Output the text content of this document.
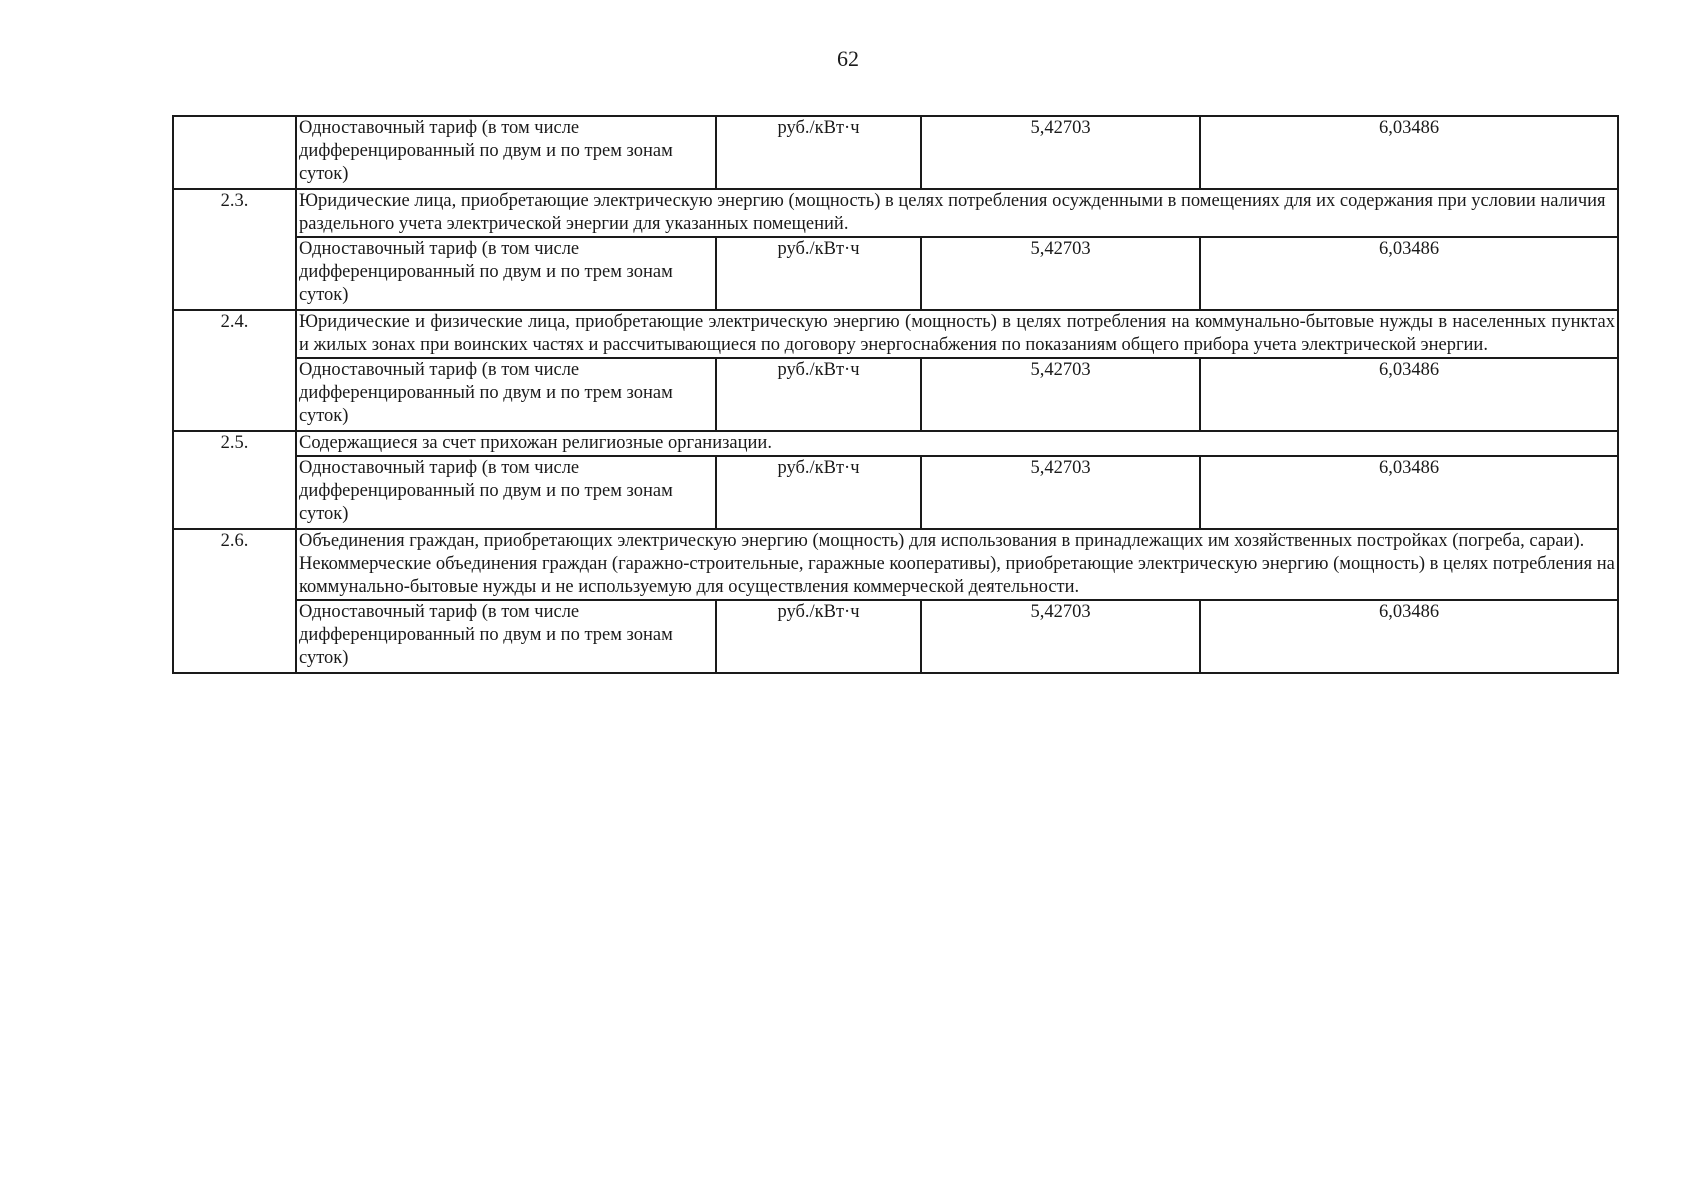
62
	Одноставочный тариф (в том числе дифференцированный по двум и по трем зонам суток)	руб./кВт·ч	5,42703	6,03486
2.3.	Юридические лица, приобретающие электрическую энергию (мощность) в целях потребления осужденными в помещениях для их содержания при условии наличия раздельного учета электрической энергии для указанных помещений.			
	Одноставочный тариф (в том числе дифференцированный по двум и по трем зонам суток)	руб./кВт·ч	5,42703	6,03486
2.4.	Юридические и физические лица, приобретающие электрическую энергию (мощность) в целях потребления на коммунально-бытовые нужды в населенных пунктах и жилых зонах при воинских частях и рассчитывающиеся по договору энергоснабжения по показаниям общего прибора учета электрической энергии.			
	Одноставочный тариф (в том числе дифференцированный по двум и по трем зонам суток)	руб./кВт·ч	5,42703	6,03486
2.5.	Содержащиеся за счет прихожан религиозные организации.			
	Одноставочный тариф (в том числе дифференцированный по двум и по трем зонам суток)	руб./кВт·ч	5,42703	6,03486
2.6.	Объединения граждан, приобретающих электрическую энергию (мощность) для использования в принадлежащих им хозяйственных постройках (погреба, сараи).

Некоммерческие объединения граждан (гаражно-строительные, гаражные кооперативы), приобретающие электрическую энергию (мощность) в целях потребления на коммунально-бытовые нужды и не используемую для осуществления коммерческой деятельности.			

	Одноставочный тариф (в том числе дифференцированный по двум и по трем зонам суток)	руб./кВт·ч	5,42703	6,03486
